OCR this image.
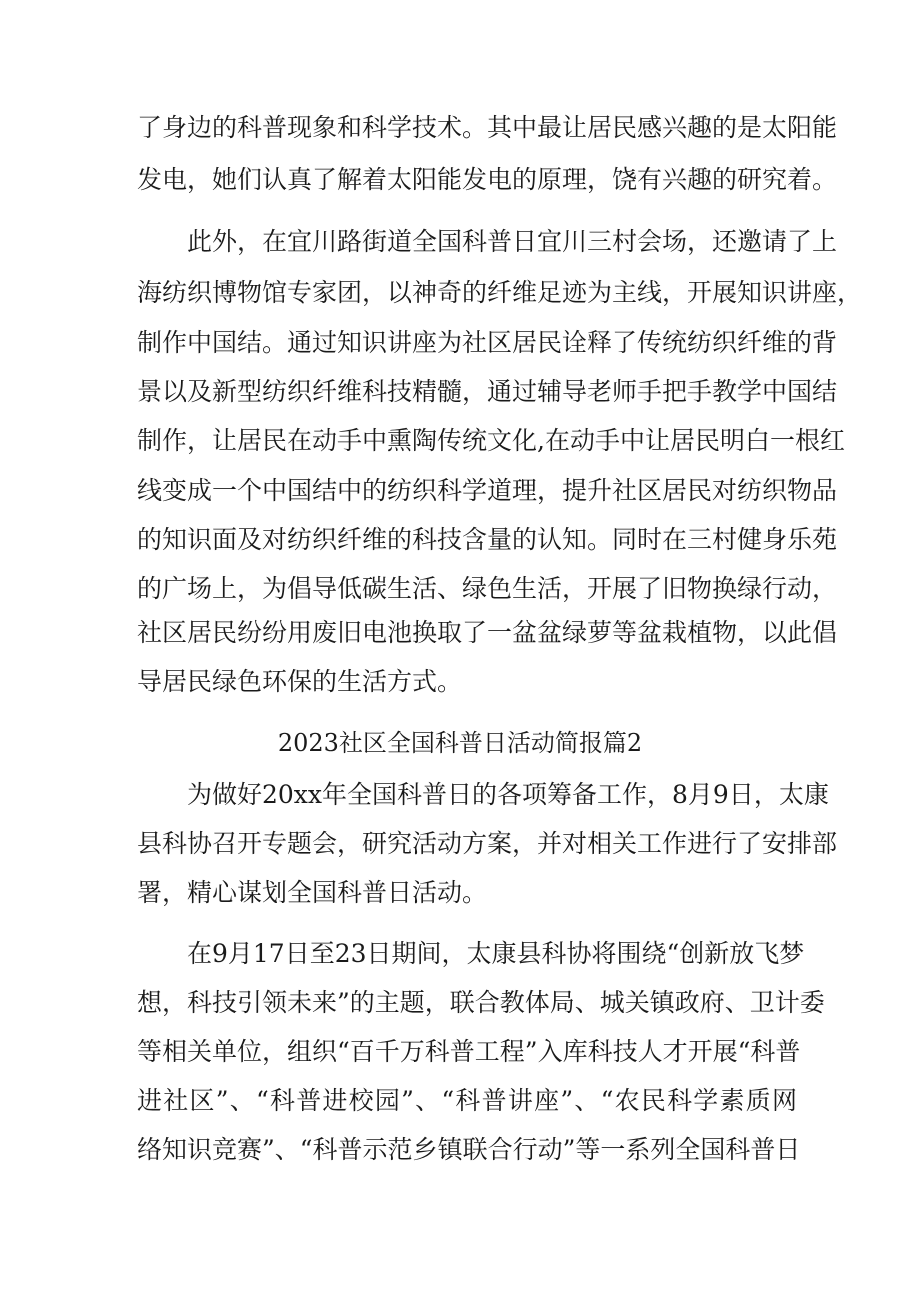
了身边的科普现象和科学技术。其中最让居民感兴趣的是太阳能
发电，她们认真了解着太阳能发电的原理，饶有兴趣的研究着。
此外，在宜川路街道全国科普日宜川三村会场，还邀请了上
海纺织博物馆专家团，以神奇的纤维足迹为主线，开展知识讲座，
制作中国结。通过知识讲座为社区居民诠释了传统纺织纤维的背
景以及新型纺织纤维科技精髓，通过辅导老师手把手教学中国结
制作，让居民在动手中熏陶传统文化,在动手中让居民明白一根红
线变成一个中国结中的纺织科学道理，提升社区居民对纺织物品
的知识面及对纺织纤维的科技含量的认知。同时在三村健身乐苑
的广场上，为倡导低碳生活、绿色生活，开展了旧物换绿行动，
社区居民纷纷用废旧电池换取了一盆盆绿萝等盆栽植物，以此倡
导居民绿色环保的生活方式。
2023社区全国科普日活动简报篇2
为做好20xx年全国科普日的各项筹备工作，8月9日，太康
县科协召开专题会，研究活动方案，并对相关工作进行了安排部
署，精心谋划全国科普日活动。
在9月17日至23日期间，太康县科协将围绕“创新放飞梦
想，科技引领未来”的主题，联合教体局、城关镇政府、卫计委
等相关单位，组织“百千万科普工程”入库科技人才开展“科普
进社区”、“科普进校园”、“科普讲座”、“农民科学素质网
络知识竞赛”、“科普示范乡镇联合行动”等一系列全国科普日
